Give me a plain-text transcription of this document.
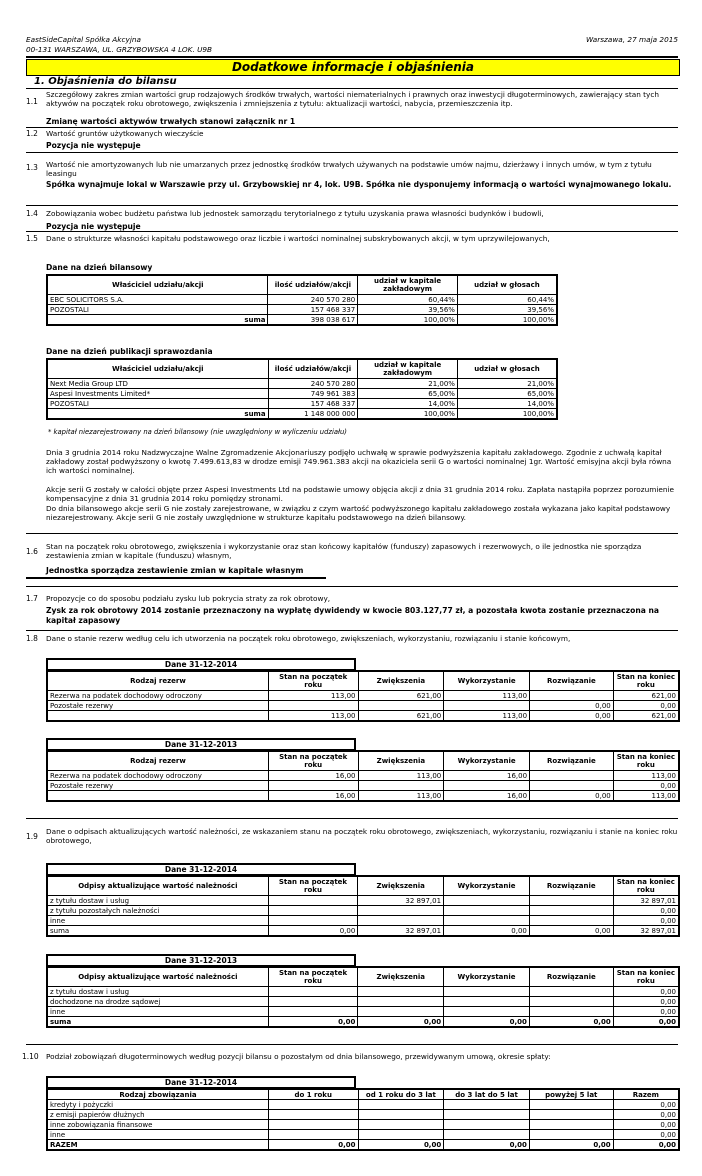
EastSideCapital Spółka Akcyjna
00-131 WARSZAWA, UL. GRZYBOWSKA 4 LOK. U9B
Warszawa, 27 maja 2015
Dodatkowe informacje i objaśnienia
1. Objaśnienia do bilansu
1.1
Szczegółowy zakres zmian wartości grup rodzajowych środków trwałych, wartości niematerialnych i prawnych oraz inwestycji długoterminowych, zawierający stan tych aktywów na początek roku obrotowego, zwiększenia i zmniejszenia z tytułu: aktualizacji wartości, nabycia, przemieszczenia itp.
Zmianę wartości aktywów trwałych stanowi załącznik nr 1
1.2 Wartość gruntów użytkowanych wieczyście
Pozycja nie występuje
1.3 Wartość nie amortyzowanych lub nie umarzanych przez jednostkę środków trwałych używanych na podstawie umów najmu, dzierżawy i innych umów, w tym z tytułu leasingu
Spółka wynajmuje lokal w Warszawie przy ul. Grzybowskiej nr 4, lok. U9B. Spółka nie dysponujemy informacją o wartości wynajmowanego lokalu.
1.4 Zobowiązania wobec budżetu państwa lub jednostek samorządu terytorialnego z tytułu uzyskania prawa własności budynków i budowli,
Pozycja nie występuje
1.5 Dane o strukturze własności kapitału podstawowego oraz liczbie i wartości nominalnej subskrybowanych akcji, w tym uprzywilejowanych,
Dane na dzień bilansowy
Właściciel udziału/akcji	ilość udziałów/akcji	udział w kapitale zakładowym	udział w głosach
EBC SOLICITORS S.A.	240 570 280	60,44%	60,44%
POZOSTALI	157 468 337	39,56%	39,56%
suma	398 038 617	100,00%	100,00%
Dane na dzień publikacji sprawozdania
Właściciel udziału/akcji	ilość udziałów/akcji	udział w kapitale zakładowym	udział w głosach
Next Media Group LTD	240 570 280	21,00%	21,00%
Aspesi Investments Limited*	749 961 383	65,00%	65,00%
POZOSTALI	157 468 337	14,00%	14,00%
suma	1 148 000 000	100,00%	100,00%
* kapitał niezarejestrowany na dzień bilansowy (nie uwzględniony w wyliczeniu udziału)
Dnia 3 grudnia 2014 roku Nadzwyczajne Walne Zgromadzenie Akcjonariuszy podjęło uchwałę w sprawie podwyższenia kapitału zakładowego. Zgodnie z uchwałą kapitał zakładowy został podwyższony o kwotę 7.499.613,83 w drodze emisji 749.961.383 akcji na okaziciela serii G o wartości nominalnej 1gr. Wartość emisyjna akcji była równa ich wartości nominalnej.
Akcje serii G zostały w całości objęte przez Aspesi Investments Ltd na podstawie umowy objęcia akcji z dnia 31 grudnia 2014 roku. Zapłata nastąpiła poprzez porozumienie kompensacyjne z dnia 31 grudnia 2014 roku pomiędzy stronami.
Do dnia bilansowego akcje serii G nie zostały zarejestrowane, w związku z czym wartość podwyższonego kapitału zakładowego została wykazana jako kapitał podstawowy niezarejestrowany. Akcje serii G nie zostały uwzględnione w strukturze kapitału podstawowego na dzień bilansowy.
1.6
Stan na początek roku obrotowego, zwiększenia i wykorzystanie oraz stan końcowy kapitałów (funduszy) zapasowych i rezerwowych, o ile jednostka nie sporządza zestawienia zmian w kapitale (funduszu) własnym,
Jednostka sporządza zestawienie zmian w kapitale własnym
1.7 Propozycje co do sposobu podziału zysku lub pokrycia straty za rok obrotowy,
Zysk za rok obrotowy 2014 zostanie przeznaczony na wypłatę dywidendy w kwocie 803.127,77 zł, a pozostała kwota zostanie przeznaczona na kapitał zapasowy
1.8 Dane o stanie rezerw według celu ich utworzenia na początek roku obrotowego, zwiększeniach, wykorzystaniu, rozwiązaniu i stanie końcowym,
Dane 31-12-2014
Rodzaj rezerw	Stan na początek roku	Zwiększenia	Wykorzystanie	Rozwiązanie	Stan na koniec roku
Rezerwa na podatek dochodowy odroczony	113,00	621,00	113,00		621,00
Pozostałe rezerwy				0,00	0,00
	113,00	621,00	113,00	0,00	621,00
Dane 31-12-2013
Rodzaj rezerw	Stan na początek roku	Zwiększenia	Wykorzystanie	Rozwiązanie	Stan na koniec roku
Rezerwa na podatek dochodowy odroczony	16,00	113,00	16,00		113,00
Pozostałe rezerwy					0,00
	16,00	113,00	16,00	0,00	113,00
1.9
Dane o odpisach aktualizujących wartość należności, ze wskazaniem stanu na początek roku obrotowego, zwiększeniach, wykorzystaniu, rozwiązaniu i stanie na koniec roku obrotowego,
Dane 31-12-2014
Odpisy aktualizujące wartość należności	Stan na początek roku	Zwiększenia	Wykorzystanie	Rozwiązanie	Stan na koniec roku
z tytułu dostaw i usług		32 897,01			32 897,01
z tytułu pozostałych należności					0,00
inne					0,00
suma	0,00	32 897,01	0,00	0,00	32 897,01
Dane 31-12-2013
Odpisy aktualizujące wartość należności	Stan na początek roku	Zwiększenia	Wykorzystanie	Rozwiązanie	Stan na koniec roku
z tytułu dostaw i usług					0,00
dochodzone na drodze sądowej					0,00
inne					0,00
suma	0,00	0,00	0,00	0,00	0,00
1.10 Podział zobowiązań długoterminowych według pozycji bilansu o pozostałym od dnia bilansowego, przewidywanym umową, okresie spłaty:
Dane 31-12-2014
Rodzaj zbowiązania	do 1 roku	od 1 roku do 3 lat	do 3 lat do 5 lat	powyżej 5 lat	Razem
kredyty i pożyczki					0,00
z emisji papierów dłużnych					0,00
inne zobowiązania finansowe					0,00
inne					0,00
RAZEM	0,00	0,00	0,00	0,00	0,00
